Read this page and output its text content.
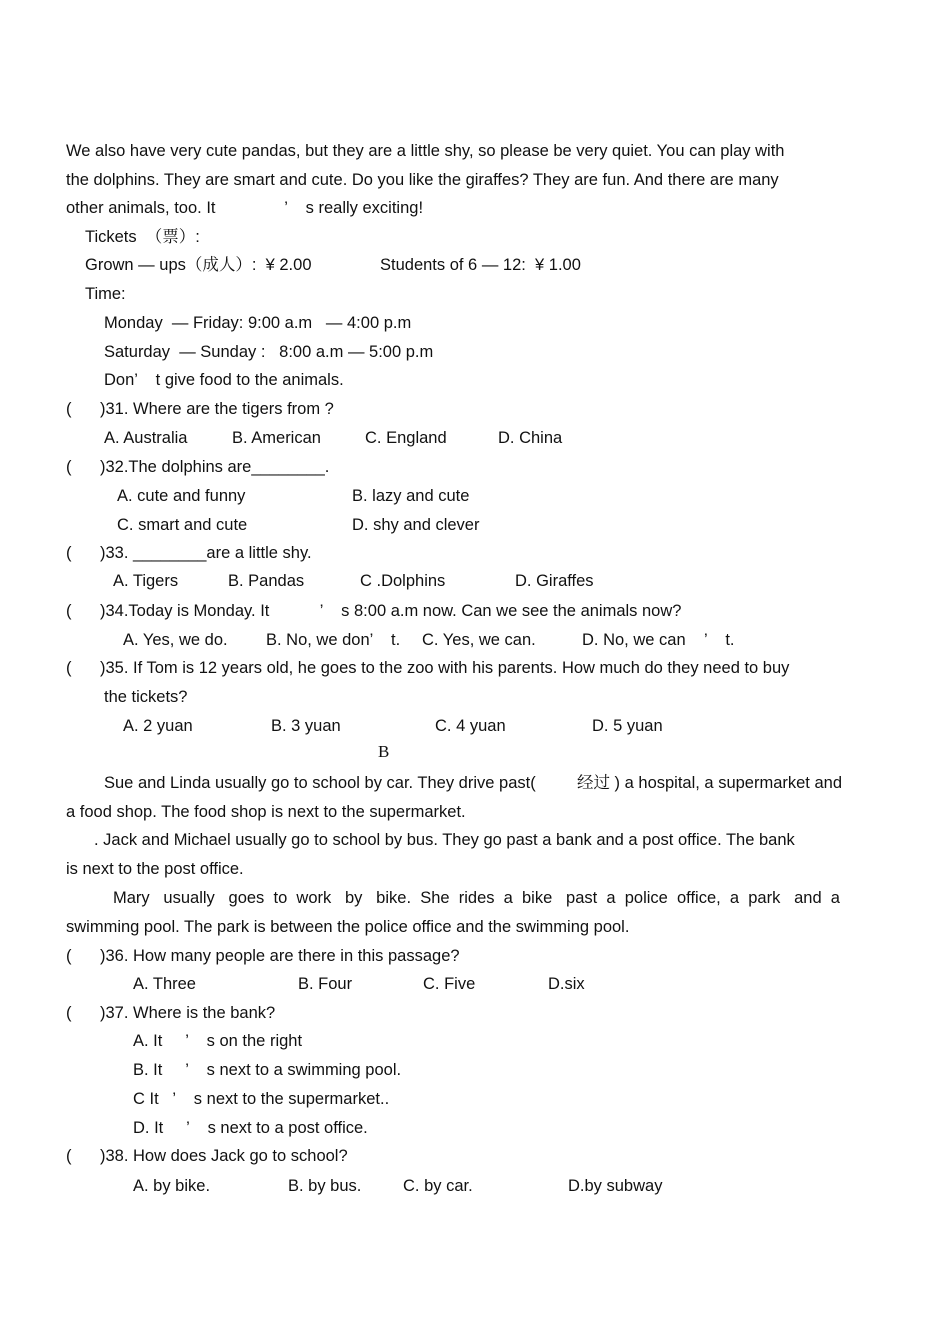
We also have very cute pandas, but they are a little shy, so please be very quiet. You can play with
the dolphins. They are smart and cute. Do you like the giraffes? They are fun. And there are many
other animals, too. It               ’    s really exciting!
Tickets  （票）:
Grown — ups（成人）:  ¥ 2.00	Students of 6 — 12:  ¥ 1.00
Time:
Monday  — Friday: 9:00 a.m   — 4:00 p.m
Saturday  — Sunday :   8:00 a.m — 5:00 p.m
Don’    t give food to the animals.
( )31. Where are the tigers from ?
A. Australia	B. American	C. England	D. China
( )32.The dolphins are________.
A. cute and funny	B. lazy and cute
C. smart and cute	D. shy and clever
( )33. ________are a little shy.
A. Tigers	B. Pandas	C .Dolphins	D. Giraffes
( )34.Today is Monday. It           ’    s 8:00 a.m now. Can we see the animals now?
A. Yes, we do. B. No, we don’    t. C. Yes, we can.	D. No, we can    ’    t.
( )35. If Tom is 12 years old, he goes to the zoo with his parents. How much do they need to buy
the tickets?
A. 2 yuan	B. 3 yuan	C. 4 yuan	D. 5 yuan
B
Sue and Linda usually go to school by car. They drive past(         经过 ) a hospital, a supermarket and
a food shop. The food shop is next to the supermarket.
. Jack and Michael usually go to school by bus. They go past a bank and a post office. The bank
is next to the post office.
Mary   usually   goes  to  work   by   bike.  She  rides  a  bike   past  a  police  office,  a  park   and  a
swimming pool. The park is between the police office and the swimming pool.
( )36. How many people are there in this passage?
A. Three	B. Four	C. Five	D.six
( )37. Where is the bank?
A. It     ’    s on the right
B. It     ’    s next to a swimming pool.
C It   ’    s next to the supermarket..
D. It     ’    s next to a post office.
( )38. How does Jack go to school?
A. by bike.	B. by bus.	C. by car.	D.by subway
